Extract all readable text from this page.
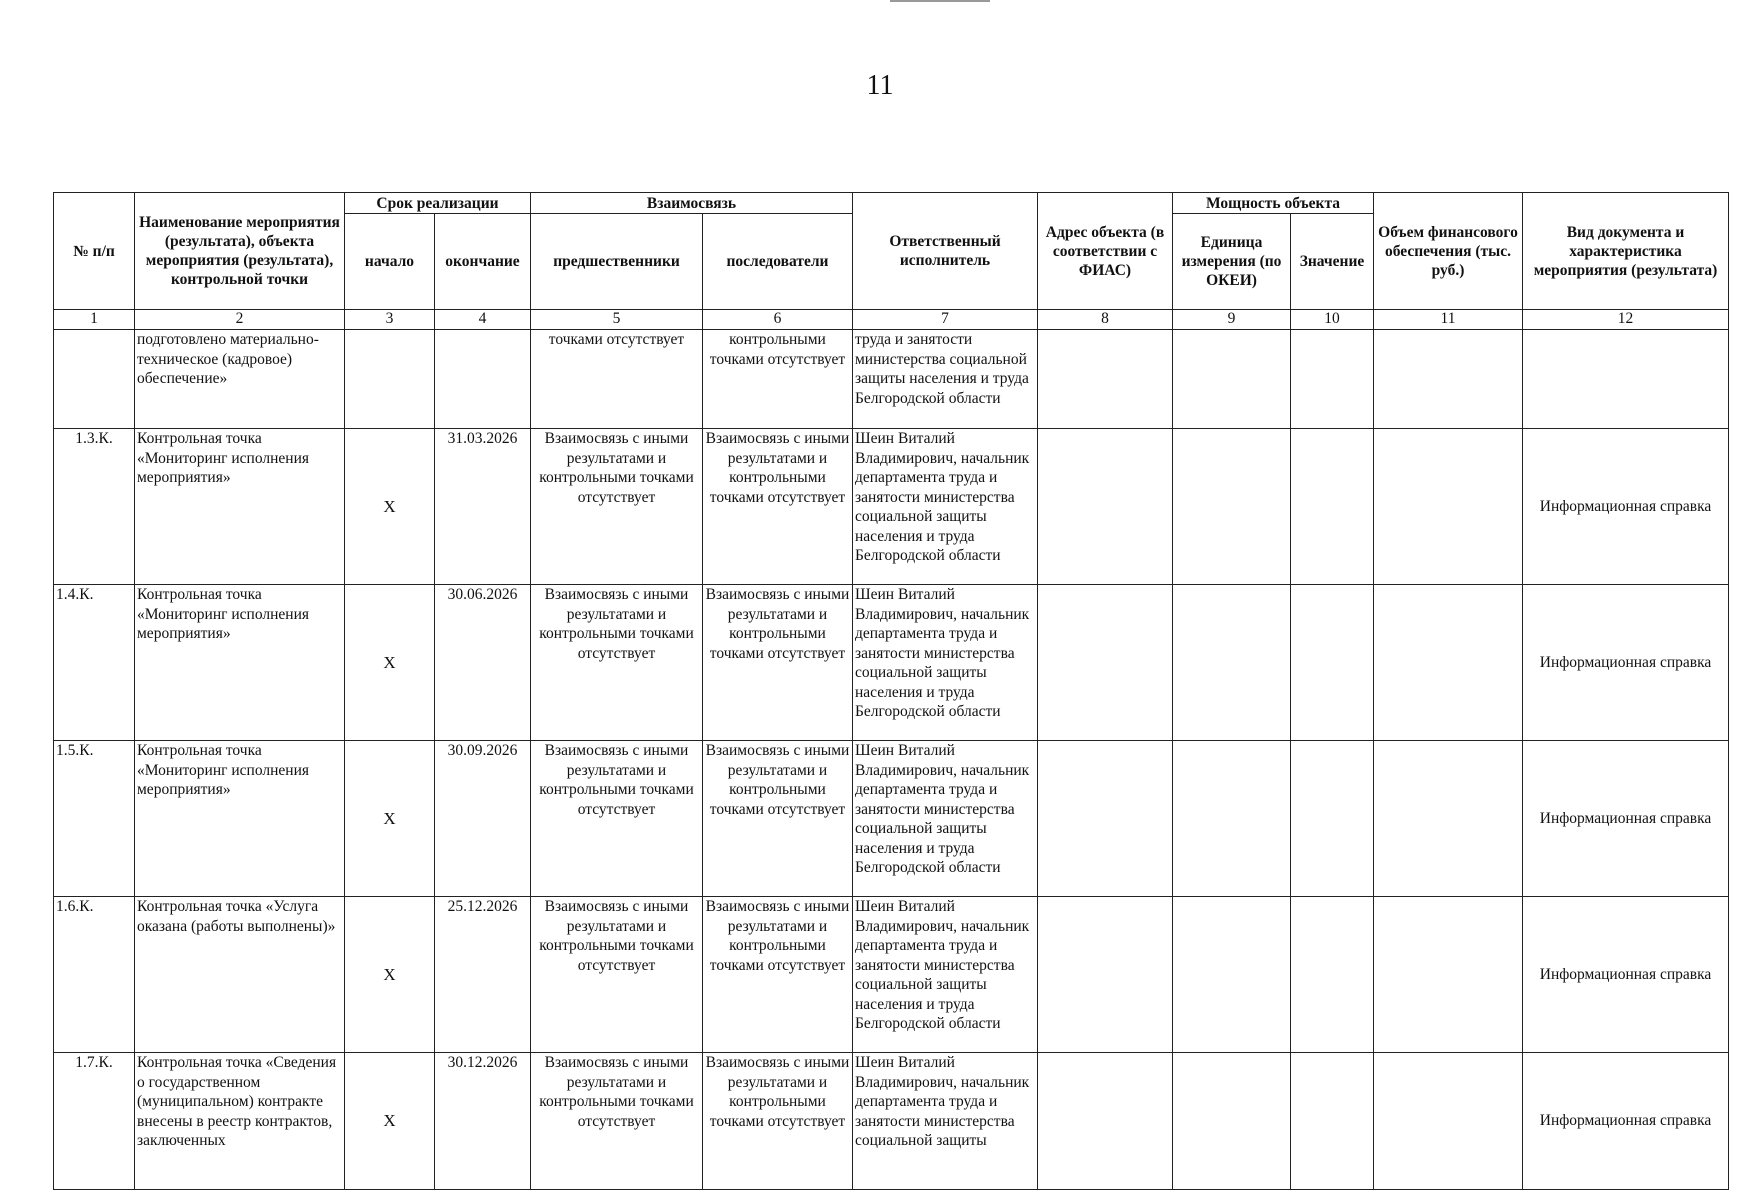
11
№ п/п	Наименование мероприятия (результата), объекта мероприятия (результата), контрольной точки	Срок реализации		Взаимосвязь		Ответственный исполнитель	Адрес объекта (в соответствии с ФИАС)	Мощность объекта		Объем финансового обеспечения (тыс. руб.)	Вид документа и характеристика мероприятия (результата)
		начало	окончание	предшественники	последователи			Единица измерения (по ОКЕИ)	Значение		
1	2	3	4	5	6	7	8	9	10	11	12
	подготовлено материально-техническое (кадровое) обеспечение»			точками отсутствует	контрольными точками отсутствует	труда и занятости министерства социальной защиты населения и труда Белгородской области					
1.3.К.	Контрольная точка «Мониторинг исполнения мероприятия»	X	31.03.2026	Взаимосвязь с иными результатами и контрольными точками отсутствует	Взаимосвязь с иными результатами и контрольными точками отсутствует	Шеин Виталий Владимирович, начальник департамента труда и занятости министерства социальной защиты населения и труда Белгородской области					Информационная справка
1.4.К.	Контрольная точка «Мониторинг исполнения мероприятия»	X	30.06.2026	Взаимосвязь с иными результатами и контрольными точками отсутствует	Взаимосвязь с иными результатами и контрольными точками отсутствует	Шеин Виталий Владимирович, начальник департамента труда и занятости министерства социальной защиты населения и труда Белгородской области					Информационная справка
1.5.К.	Контрольная точка «Мониторинг исполнения мероприятия»	X	30.09.2026	Взаимосвязь с иными результатами и контрольными точками отсутствует	Взаимосвязь с иными результатами и контрольными точками отсутствует	Шеин Виталий Владимирович, начальник департамента труда и занятости министерства социальной защиты населения и труда Белгородской области					Информационная справка
1.6.К.	Контрольная точка «Услуга оказана (работы выполнены)»	X	25.12.2026	Взаимосвязь с иными результатами и контрольными точками отсутствует	Взаимосвязь с иными результатами и контрольными точками отсутствует	Шеин Виталий Владимирович, начальник департамента труда и занятости министерства социальной защиты населения и труда Белгородской области					Информационная справка
1.7.К.	Контрольная точка «Сведения о государственном (муниципальном) контракте внесены в реестр контрактов, заключенных	X	30.12.2026	Взаимосвязь с иными результатами и контрольными точками отсутствует	Взаимосвязь с иными результатами и контрольными точками отсутствует	Шеин Виталий Владимирович, начальник департамента труда и занятости министерства социальной защиты					Информационная справка
